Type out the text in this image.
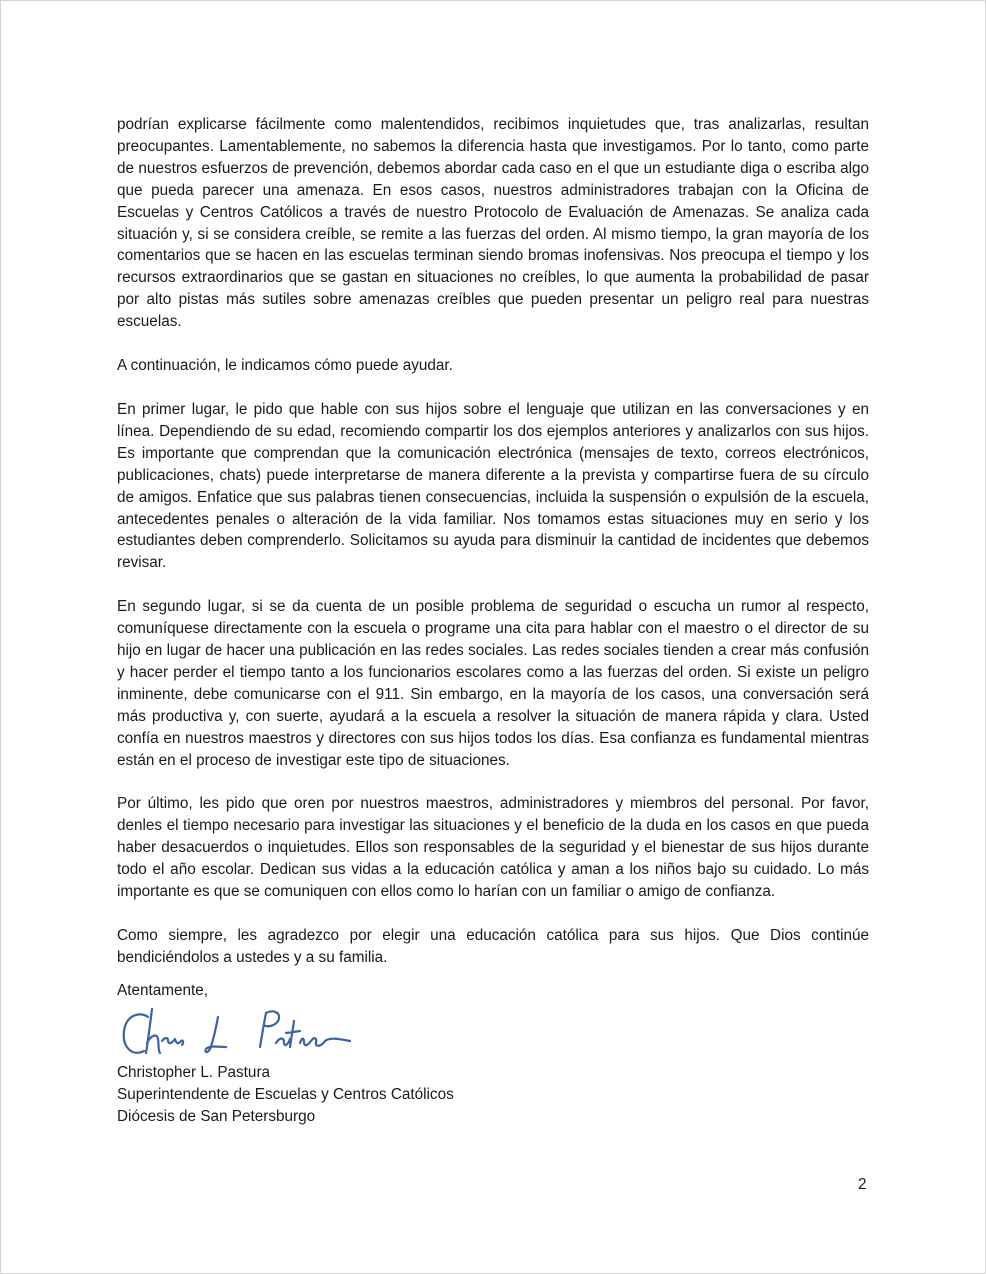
podrían explicarse fácilmente como malentendidos, recibimos inquietudes que, tras analizarlas, resultan preocupantes. Lamentablemente, no sabemos la diferencia hasta que investigamos. Por lo tanto, como parte de nuestros esfuerzos de prevención, debemos abordar cada caso en el que un estudiante diga o escriba algo que pueda parecer una amenaza. En esos casos, nuestros administradores trabajan con la Oficina de Escuelas y Centros Católicos a través de nuestro Protocolo de Evaluación de Amenazas. Se analiza cada situación y, si se considera creíble, se remite a las fuerzas del orden. Al mismo tiempo, la gran mayoría de los comentarios que se hacen en las escuelas terminan siendo bromas inofensivas. Nos preocupa el tiempo y los recursos extraordinarios que se gastan en situaciones no creíbles, lo que aumenta la probabilidad de pasar por alto pistas más sutiles sobre amenazas creíbles que pueden presentar un peligro real para nuestras escuelas.

A continuación, le indicamos cómo puede ayudar.

En primer lugar, le pido que hable con sus hijos sobre el lenguaje que utilizan en las conversaciones y en línea. Dependiendo de su edad, recomiendo compartir los dos ejemplos anteriores y analizarlos con sus hijos. Es importante que comprendan que la comunicación electrónica (mensajes de texto, correos electrónicos, publicaciones, chats) puede interpretarse de manera diferente a la prevista y compartirse fuera de su círculo de amigos. Enfatice que sus palabras tienen consecuencias, incluida la suspensión o expulsión de la escuela, antecedentes penales o alteración de la vida familiar. Nos tomamos estas situaciones muy en serio y los estudiantes deben comprenderlo. Solicitamos su ayuda para disminuir la cantidad de incidentes que debemos revisar.

En segundo lugar, si se da cuenta de un posible problema de seguridad o escucha un rumor al respecto, comuníquese directamente con la escuela o programe una cita para hablar con el maestro o el director de su hijo en lugar de hacer una publicación en las redes sociales. Las redes sociales tienden a crear más confusión y hacer perder el tiempo tanto a los funcionarios escolares como a las fuerzas del orden. Si existe un peligro inminente, debe comunicarse con el 911. Sin embargo, en la mayoría de los casos, una conversación será más productiva y, con suerte, ayudará a la escuela a resolver la situación de manera rápida y clara. Usted confía en nuestros maestros y directores con sus hijos todos los días. Esa confianza es fundamental mientras están en el proceso de investigar este tipo de situaciones.

Por último, les pido que oren por nuestros maestros, administradores y miembros del personal. Por favor, denles el tiempo necesario para investigar las situaciones y el beneficio de la duda en los casos en que pueda haber desacuerdos o inquietudes. Ellos son responsables de la seguridad y el bienestar de sus hijos durante todo el año escolar. Dedican sus vidas a la educación católica y aman a los niños bajo su cuidado. Lo más importante es que se comuniquen con ellos como lo harían con un familiar o amigo de confianza.

Como siempre, les agradezco por elegir una educación católica para sus hijos. Que Dios continúe bendiciéndolos a ustedes y a su familia.

Atentamente,
Christopher L. Pastura
Superintendente de Escuelas y Centros Católicos
Diócesis de San Petersburgo
2
